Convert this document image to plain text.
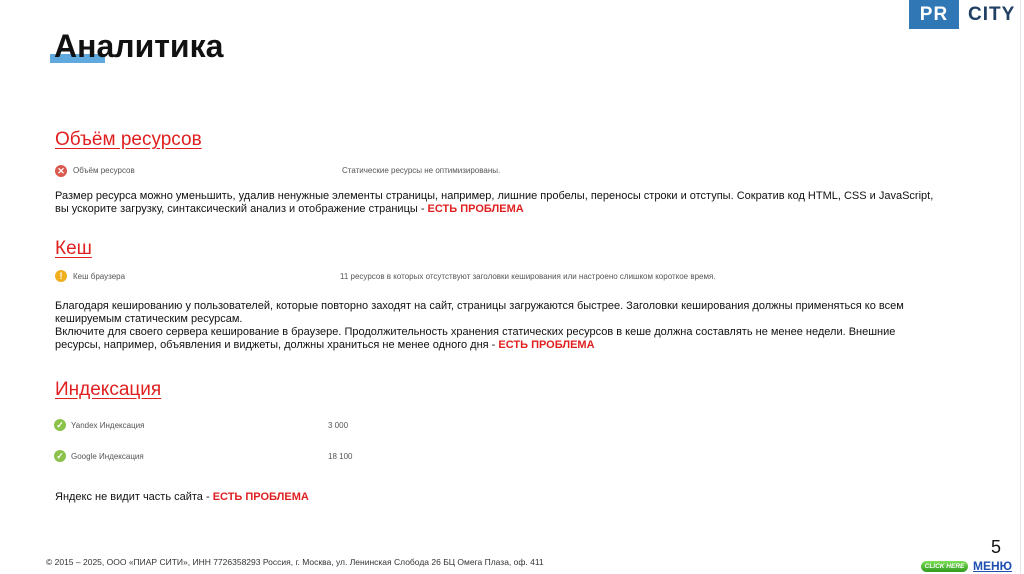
PR	CITY
Аналитика
Объём ресурсов
✕ Объём ресурсов	Статические ресурсы не оптимизированы.
Размер ресурса можно уменьшить, удалив ненужные элементы страницы, например, лишние пробелы, переносы строки и отступы. Сократив код HTML, CSS и JavaScript, вы ускорите загрузку, синтаксический анализ и отображение страницы - ЕСТЬ ПРОБЛЕМА
Кеш
!	Кеш браузера	11 ресурсов в которых отсутствуют заголовки кеширования или настроено слишком короткое время.
Благодаря кешированию у пользователей, которые повторно заходят на сайт, страницы загружаются быстрее. Заголовки кеширования должны применяться ко всем кешируемым статическим ресурсам.
Включите для своего сервера кеширование в браузере. Продолжительность хранения статических ресурсов в кеше должна составлять не менее недели. Внешние ресурсы, например, объявления и виджеты, должны храниться не менее одного дня - ЕСТЬ ПРОБЛЕМА
Индексация
✓ Yandex Индексация	3 000
✓ Google Индексация	18 100
Яндекс не видит часть сайта - ЕСТЬ ПРОБЛЕМА
© 2015 – 2025, ООО «ПИАР СИТИ», ИНН 7726358293 Россия, г. Москва, ул. Ленинская Слобода 26 БЦ Омега Плаза, оф. 411
5
CLICK HERE МЕНЮ
